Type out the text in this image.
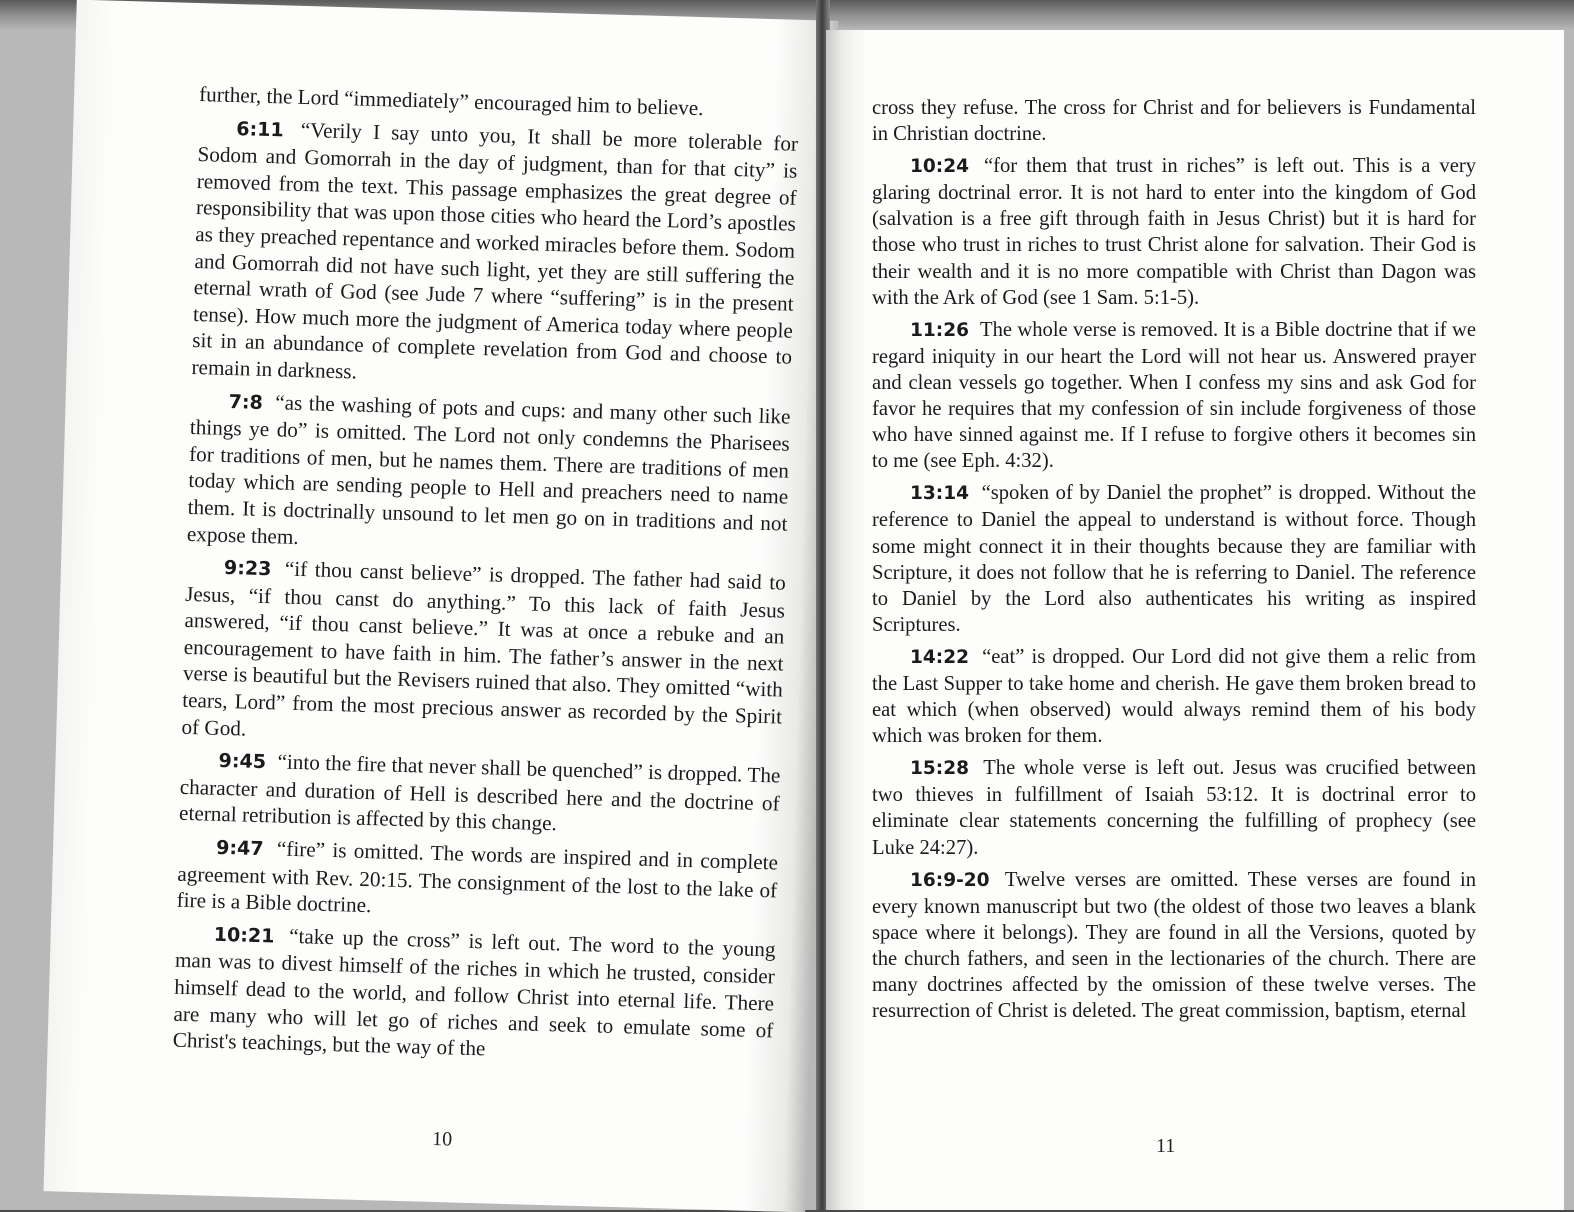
further, the Lord “immediately” encouraged him to believe.

6:11 “Verily I say unto you, It shall be more tolerable for Sodom and Gomorrah in the day of judgment, than for that city” is removed from the text. This passage emphasizes the great degree of responsibility that was upon those cities who heard the Lord’s apostles as they preached repentance and worked miracles before them. Sodom and Gomorrah did not have such light, yet they are still suffering the eternal wrath of God (see Jude 7 where “suffering” is in the present tense). How much more the judgment of America today where people sit in an abundance of complete revelation from God and choose to remain in darkness.

7:8 “as the washing of pots and cups: and many other such like things ye do” is omitted. The Lord not only condemns the Pharisees for traditions of men, but he names them. There are traditions of men today which are sending people to Hell and preachers need to name them. It is doctrinally unsound to let men go on in traditions and not expose them.

9:23 “if thou canst believe” is dropped. The father had said to Jesus, “if thou canst do anything.” To this lack of faith Jesus answered, “if thou canst believe.” It was at once a rebuke and an encouragement to have faith in him. The father’s answer in the next verse is beautiful but the Revisers ruined that also. They omitted “with tears, Lord” from the most precious answer as recorded by the Spirit of God.

9:45 “into the fire that never shall be quenched” is dropped. The character and duration of Hell is described here and the doctrine of eternal retribution is affected by this change.

9:47 “fire” is omitted. The words are inspired and in complete agreement with Rev. 20:15. The consignment of the lost to the lake of fire is a Bible doctrine.

10:21 “take up the cross” is left out. The word to the young man was to divest himself of the riches in which he trusted, consider himself dead to the world, and follow Christ into eternal life. There are many who will let go of riches and seek to emulate some of Christ's teachings, but the way of the

10

cross they refuse. The cross for Christ and for believers is Fundamental in Christian doctrine.

10:24 “for them that trust in riches” is left out. This is a very glaring doctrinal error. It is not hard to enter into the kingdom of God (salvation is a free gift through faith in Jesus Christ) but it is hard for those who trust in riches to trust Christ alone for salvation. Their God is their wealth and it is no more compatible with Christ than Dagon was with the Ark of God (see 1 Sam. 5:1-5).

11:26 The whole verse is removed. It is a Bible doctrine that if we regard iniquity in our heart the Lord will not hear us. Answered prayer and clean vessels go together. When I confess my sins and ask God for favor he requires that my confession of sin include forgiveness of those who have sinned against me. If I refuse to forgive others it becomes sin to me (see Eph. 4:32).

13:14 “spoken of by Daniel the prophet” is dropped. Without the reference to Daniel the appeal to understand is without force. Though some might connect it in their thoughts because they are familiar with Scripture, it does not follow that he is referring to Daniel. The reference to Daniel by the Lord also authenticates his writing as inspired Scriptures.

14:22 “eat” is dropped. Our Lord did not give them a relic from the Last Supper to take home and cherish. He gave them broken bread to eat which (when observed) would always remind them of his body which was broken for them.

15:28 The whole verse is left out. Jesus was crucified between two thieves in fulfillment of Isaiah 53:12. It is doctrinal error to eliminate clear statements concerning the fulfilling of prophecy (see Luke 24:27).

16:9-20 Twelve verses are omitted. These verses are found in every known manuscript but two (the oldest of those two leaves a blank space where it belongs). They are found in all the Versions, quoted by the church fathers, and seen in the lectionaries of the church. There are many doctrines affected by the omission of these twelve verses. The resurrection of Christ is deleted. The great commission, baptism, eternal

11
